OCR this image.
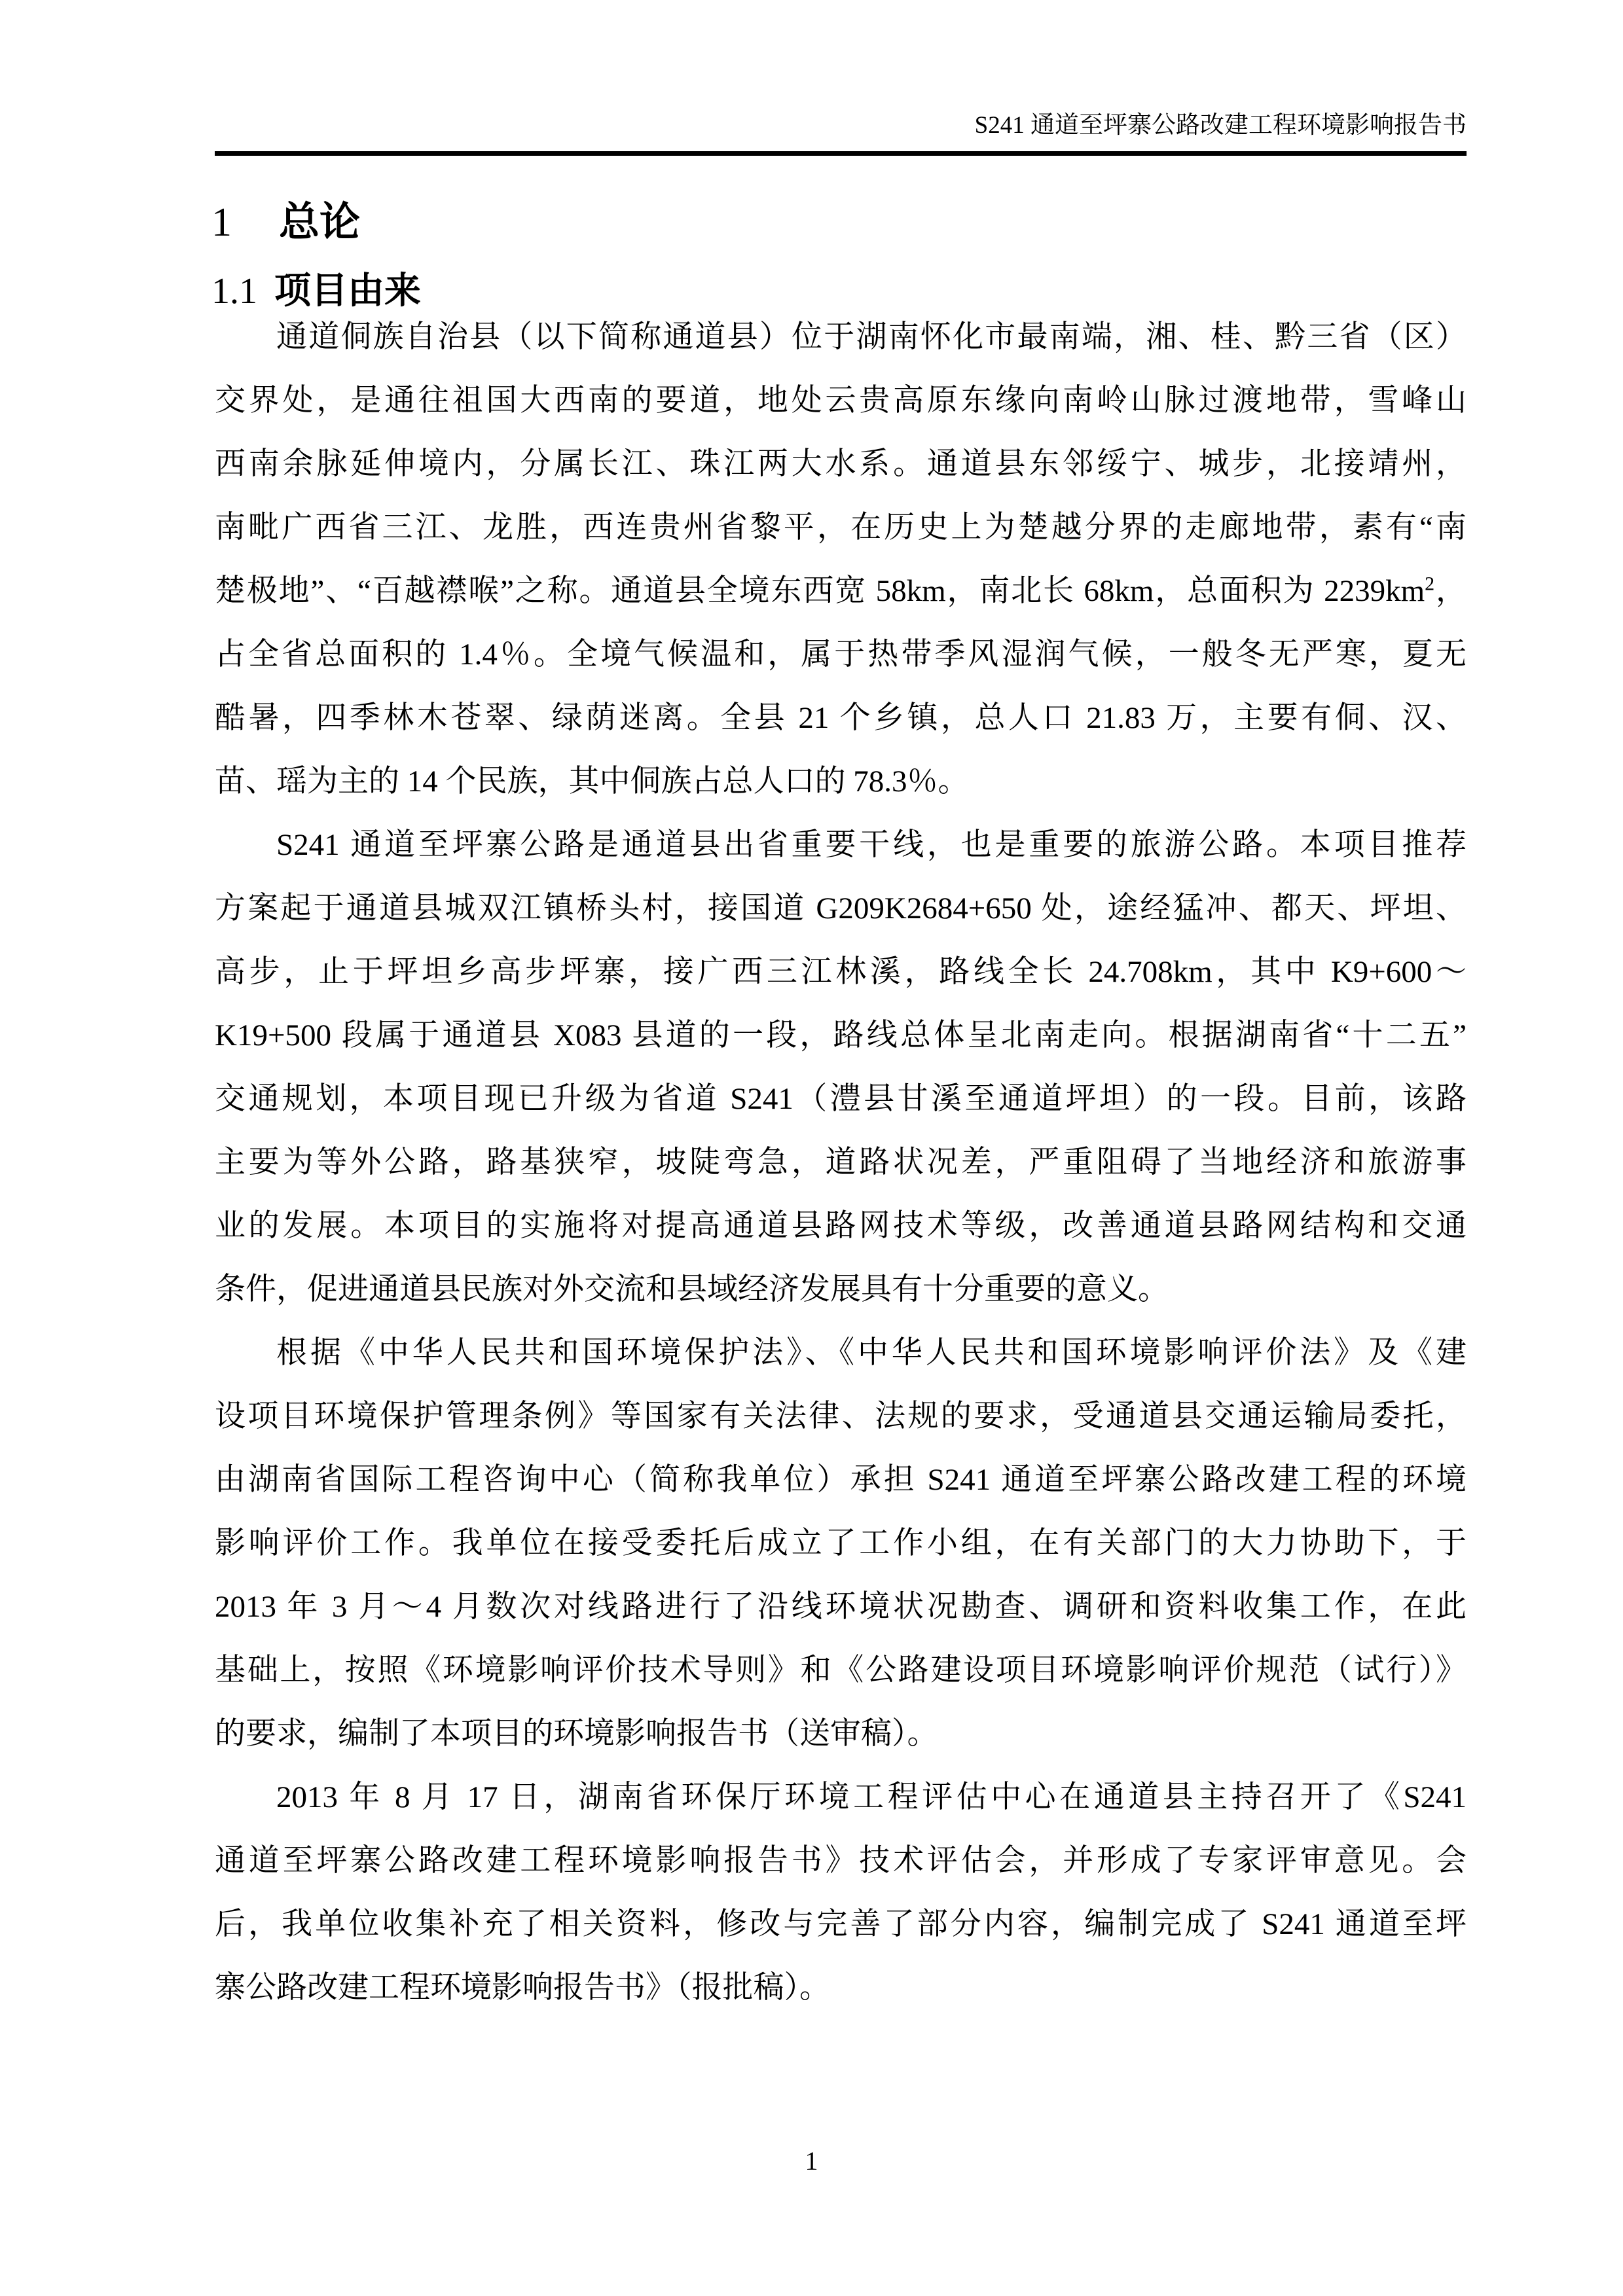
S241 通道至坪寨公路改建工程环境影响报告书
1 总论
1.1 项目由来
通道侗族自治县（以下简称通道县）位于湖南怀化市最南端，湘、桂、黔三省（区）
交界处，是通往祖国大西南的要道，地处云贵高原东缘向南岭山脉过渡地带，雪峰山
西南余脉延伸境内，分属长江、珠江两大水系。通道县东邻绥宁、城步，北接靖州，
南毗广西省三江、龙胜，西连贵州省黎平，在历史上为楚越分界的走廊地带，素有“南
楚极地”、“百越襟喉”之称。通道县全境东西宽 58km，南北长 68km，总面积为 $2239km^2$，
占全省总面积的 1.4％。全境气候温和，属于热带季风湿润气候，一般冬无严寒，夏无
酷暑，四季林木苍翠、绿荫迷离。全县 21 个乡镇，总人口 21.83 万，主要有侗、汉、
苗、瑶为主的 14 个民族，其中侗族占总人口的 78.3％。
S241 通道至坪寨公路是通道县出省重要干线，也是重要的旅游公路。本项目推荐
方案起于通道县城双江镇桥头村，接国道 G209K2684+650 处，途经猛冲、都天、坪坦、
高步，止于坪坦乡高步坪寨，接广西三江林溪，路线全长 24.708km，其中 K9+600～
K19+500 段属于通道县 X083 县道的一段，路线总体呈北南走向。根据湖南省“十二五”
交通规划，本项目现已升级为省道 S241（澧县甘溪至通道坪坦）的一段。目前，该路
主要为等外公路，路基狭窄，坡陡弯急，道路状况差，严重阻碍了当地经济和旅游事
业的发展。本项目的实施将对提高通道县路网技术等级，改善通道县路网结构和交通
条件，促进通道县民族对外交流和县域经济发展具有十分重要的意义。
根据《中华人民共和国环境保护法》、《中华人民共和国环境影响评价法》及《建
设项目环境保护管理条例》等国家有关法律、法规的要求，受通道县交通运输局委托，
由湖南省国际工程咨询中心（简称我单位）承担 S241 通道至坪寨公路改建工程的环境
影响评价工作。我单位在接受委托后成立了工作小组，在有关部门的大力协助下，于
2013 年 3 月～4 月数次对线路进行了沿线环境状况勘查、调研和资料收集工作，在此
基础上，按照《环境影响评价技术导则》和《公路建设项目环境影响评价规范（试行）》
的要求，编制了本项目的环境影响报告书（送审稿）。
2013 年 8 月 17 日，湖南省环保厅环境工程评估中心在通道县主持召开了《S241
通道至坪寨公路改建工程环境影响报告书》技术评估会，并形成了专家评审意见。会
后，我单位收集补充了相关资料，修改与完善了部分内容，编制完成了 S241 通道至坪
寨公路改建工程环境影响报告书》（报批稿）。
1
